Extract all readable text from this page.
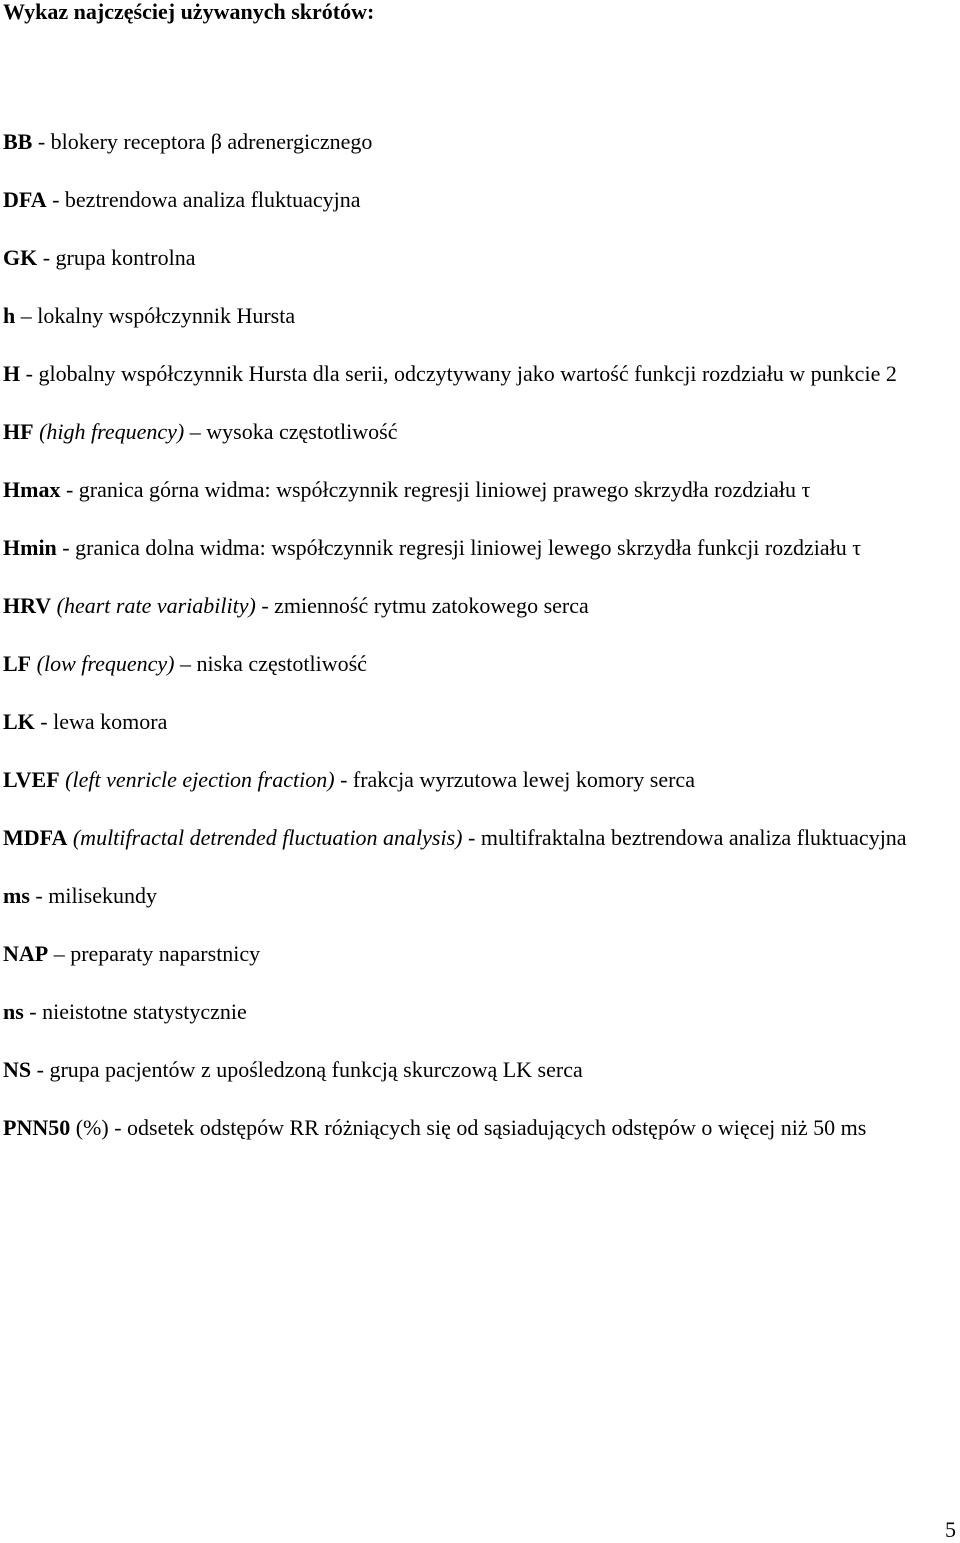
Wykaz najczęściej używanych skrótów:

BB - blokery receptora β adrenergicznego

DFA - beztrendowa analiza fluktuacyjna

GK - grupa kontrolna

h – lokalny współczynnik Hursta

H - globalny współczynnik Hursta dla serii, odczytywany jako wartość funkcji rozdziału w punkcie 2

HF (high frequency) – wysoka częstotliwość

Hmax - granica górna widma: współczynnik regresji liniowej prawego skrzydła rozdziału τ

Hmin - granica dolna widma: współczynnik regresji liniowej lewego skrzydła funkcji rozdziału τ

HRV (heart rate variability) - zmienność rytmu zatokowego serca

LF (low frequency) – niska częstotliwość

LK - lewa komora

LVEF (left venricle ejection fraction) - frakcja wyrzutowa lewej komory serca

MDFA (multifractal detrended fluctuation analysis) - multifraktalna beztrendowa analiza fluktuacyjna

ms - milisekundy

NAP – preparaty naparstnicy

ns - nieistotne statystycznie

NS - grupa pacjentów z upośledzoną funkcją skurczową LK serca

PNN50 (%) - odsetek odstępów RR różniących się od sąsiadujących odstępów o więcej niż 50 ms

5
